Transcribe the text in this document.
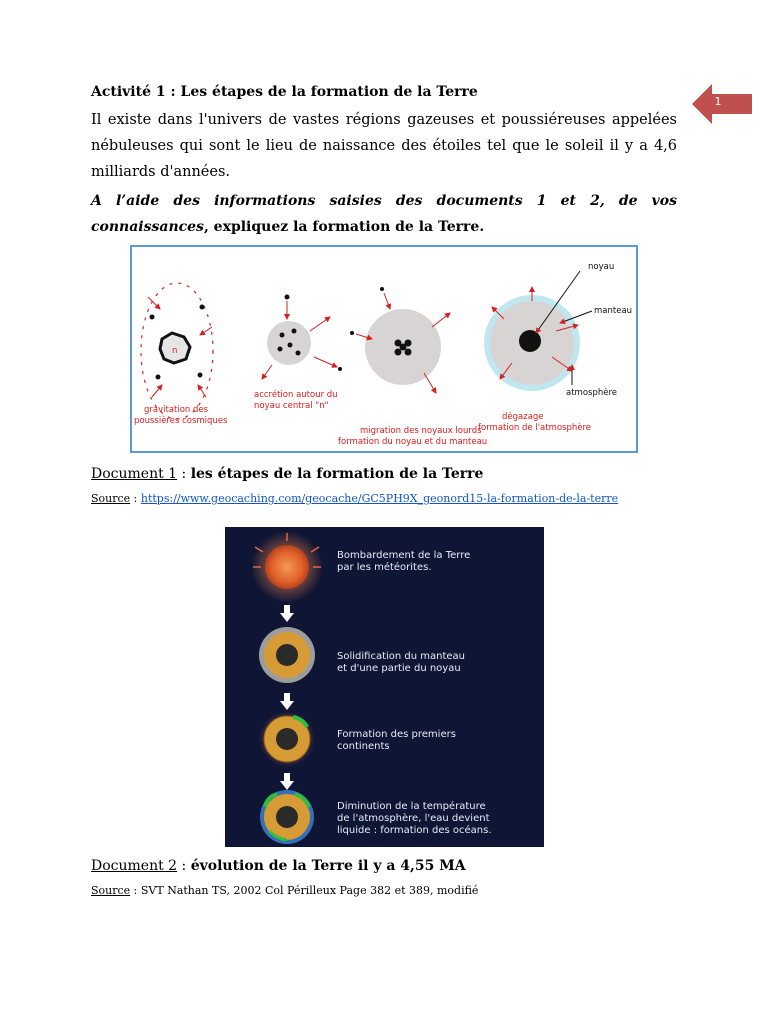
1
Activité 1 : Les étapes de la formation de la Terre
Il existe dans l'univers de vastes régions gazeuses et poussiéreuses appelées nébuleuses qui sont le lieu de naissance des étoiles tel que le soleil il y a 4,6 milliards d'années.
A l’aide des informations saisies des documents 1 et 2, de vos connaissances, expliquez la formation de la Terre.
n
gravitation des
poussières cosmiques
accrétion autour du
noyau central "n"
migration des noyaux lourds
formation du noyau et du manteau
noyau
manteau
atmosphère
dégazage
formation de l'atmosphère
Document 1 : les étapes de la formation de la Terre
Source : https://www.geocaching.com/geocache/GC5PH9X_geonord15-la-formation-de-la-terre
Bombardement de la Terre
par les météorites.
Solidification du manteau
et d'une partie du noyau
Formation des premiers
continents
Diminution de la température
de l'atmosphère, l'eau devient
liquide : formation des océans.
Document 2 : évolution de la Terre il y a 4,55 MA
Source : SVT Nathan TS, 2002 Col Périlleux Page 382 et 389, modifié
